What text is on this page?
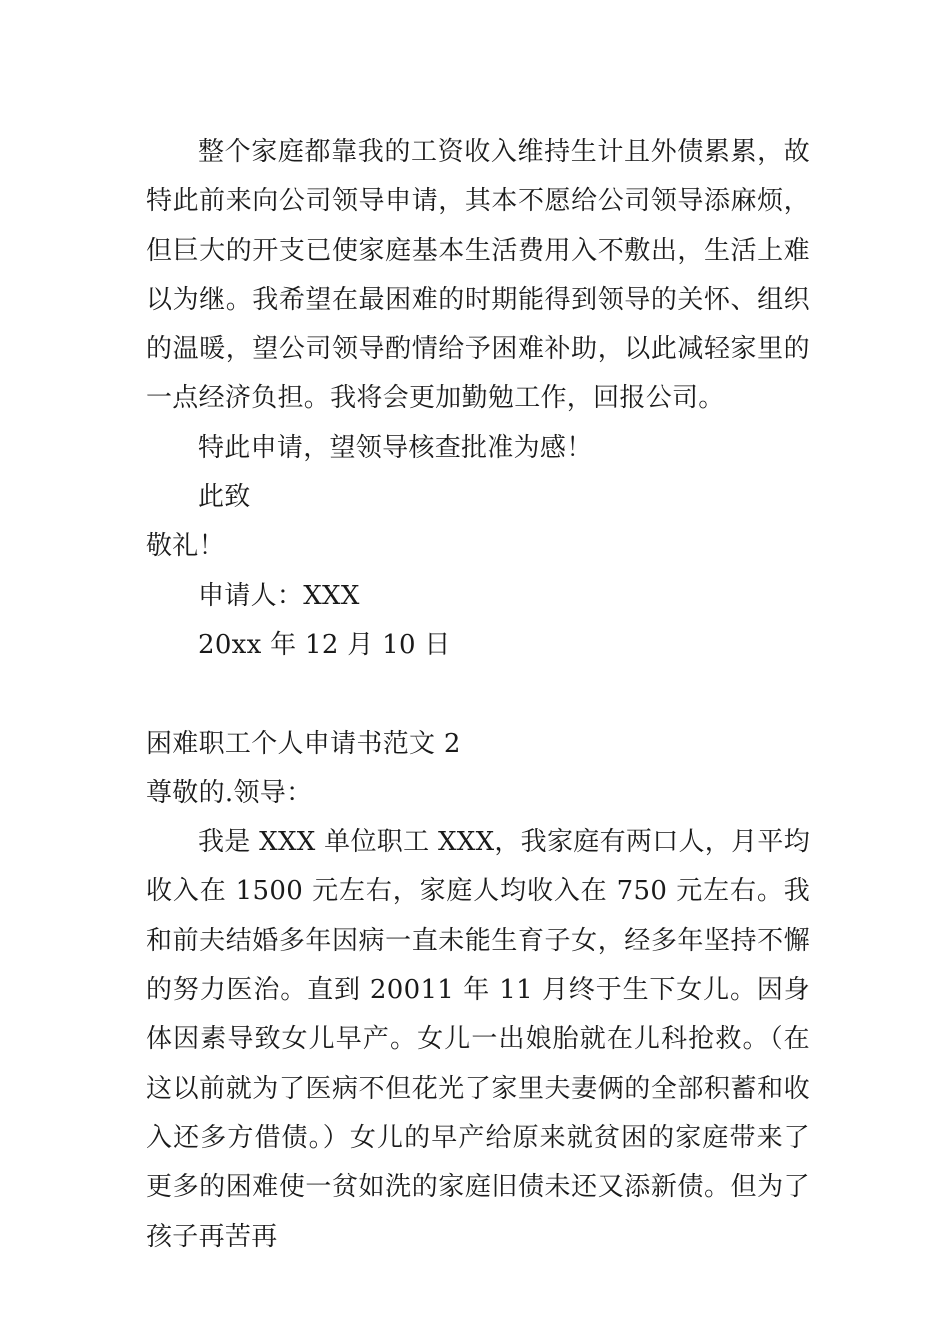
整个家庭都靠我的工资收入维持生计且外债累累，故特此前来向公司领导申请，其本不愿给公司领导添麻烦，但巨大的开支已使家庭基本生活费用入不敷出，生活上难以为继。我希望在最困难的时期能得到领导的关怀、组织的温暖，望公司领导酌情给予困难补助，以此减轻家里的一点经济负担。我将会更加勤勉工作，回报公司。

特此申请，望领导核查批准为感！

此致

敬礼！

申请人：XXX

20xx 年 12 月 10 日

困难职工个人申请书范文 2

尊敬的.领导：

我是 XXX 单位职工 XXX，我家庭有两口人，月平均收入在 1500 元左右，家庭人均收入在 750 元左右。我和前夫结婚多年因病一直未能生育子女，经多年坚持不懈的努力医治。直到 20011 年 11 月终于生下女儿。因身体因素导致女儿早产。女儿一出娘胎就在儿科抢救。（在这以前就为了医病不但花光了家里夫妻俩的全部积蓄和收入还多方借债。）女儿的早产给原来就贫困的家庭带来了更多的困难使一贫如洗的家庭旧债未还又添新债。但为了孩子再苦再
